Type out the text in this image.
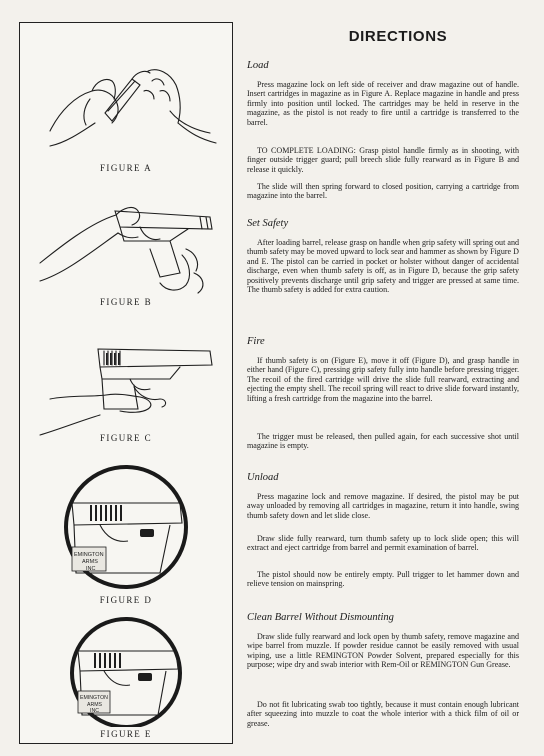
FIGURE A
FIGURE B
FIGURE C
EMINGTON
ARMS
INC
FIGURE D
EMINGTON
ARMS
INC
FIGURE E
DIRECTIONS
Load

Press magazine lock on left side of receiver and draw magazine out of handle. Insert cartridges in magazine as in Figure A. Replace magazine in handle and press firmly into position until locked. The cartridges may be held in reserve in the magazine, as the pistol is not ready to fire until a cartridge is transferred to the barrel.

TO COMPLETE LOADING: Grasp pistol handle firmly as in shooting, with finger outside trigger guard; pull breech slide fully rearward as in Figure B and release it quickly.

The slide will then spring forward to closed position, carrying a cartridge from magazine into the barrel.

Set Safety

After loading barrel, release grasp on handle when grip safety will spring out and thumb safety may be moved upward to lock sear and hammer as shown by Figure D and E. The pistol can be carried in pocket or holster without danger of accidental discharge, even when thumb safety is off, as in Figure D, because the grip safety positively prevents discharge until grip safety and trigger are pressed at same time. The thumb safety is added for extra caution.

Fire

If thumb safety is on (Figure E), move it off (Figure D), and grasp handle in either hand (Figure C), pressing grip safety fully into handle before pressing trigger. The recoil of the fired cartridge will drive the slide full rearward, extracting and ejecting the empty shell. The recoil spring will react to drive slide forward instantly, lifting a fresh cartridge from the magazine into the barrel.

The trigger must be released, then pulled again, for each successive shot until magazine is empty.

Unload

Press magazine lock and remove magazine. If desired, the pistol may be put away unloaded by removing all cartridges in magazine, return it into handle, swing thumb safety down and let slide close.

Draw slide fully rearward, turn thumb safety up to lock slide open; this will extract and eject cartridge from barrel and permit examination of barrel.

The pistol should now be entirely empty. Pull trigger to let hammer down and relieve tension on mainspring.

Clean Barrel Without Dismounting

Draw slide fully rearward and lock open by thumb safety, remove magazine and wipe barrel from muzzle. If powder residue cannot be easily removed with usual wiping, use a little REMINGTON Powder Solvent, prepared especially for this purpose; wipe dry and swab interior with Rem-Oil or REMINGTON Gun Grease.

Do not fit lubricating swab too tightly, because it must contain enough lubricant after squeezing into muzzle to coat the whole interior with a thick film of oil or grease.
